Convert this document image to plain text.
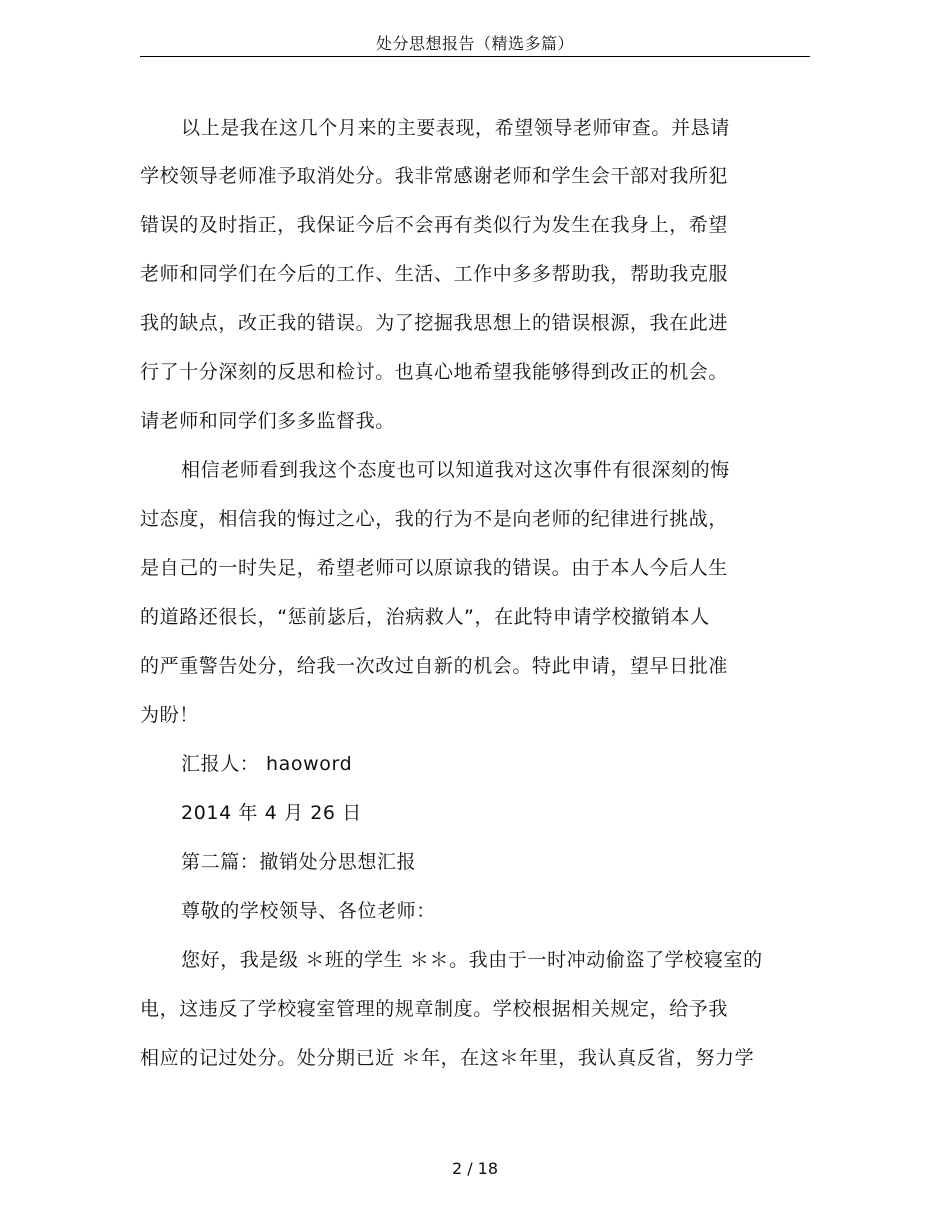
处分思想报告（精选多篇）
以上是我在这几个月来的主要表现，希望领导老师审查。并恳请
学校领导老师准予取消处分。我非常感谢老师和学生会干部对我所犯
错误的及时指正，我保证今后不会再有类似行为发生在我身上，希望
老师和同学们在今后的工作、生活、工作中多多帮助我，帮助我克服
我的缺点，改正我的错误。为了挖掘我思想上的错误根源，我在此进
行了十分深刻的反思和检讨。也真心地希望我能够得到改正的机会。
请老师和同学们多多监督我。
相信老师看到我这个态度也可以知道我对这次事件有很深刻的悔
过态度，相信我的悔过之心，我的行为不是向老师的纪律进行挑战，
是自己的一时失足，希望老师可以原谅我的错误。由于本人今后人生
的道路还很长，“惩前毖后，治病救人”，在此特申请学校撤销本人
的严重警告处分，给我一次改过自新的机会。特此申请，望早日批准
为盼！
汇报人： haoword
2014 年 4 月 26 日
第二篇：撤销处分思想汇报
尊敬的学校领导、各位老师：
您好，我是级 ＊班的学生 ＊＊。我由于一时冲动偷盗了学校寝室的
电，这违反了学校寝室管理的规章制度。学校根据相关规定，给予我
相应的记过处分。处分期已近 ＊年，在这＊年里，我认真反省，努力学
2 / 18
